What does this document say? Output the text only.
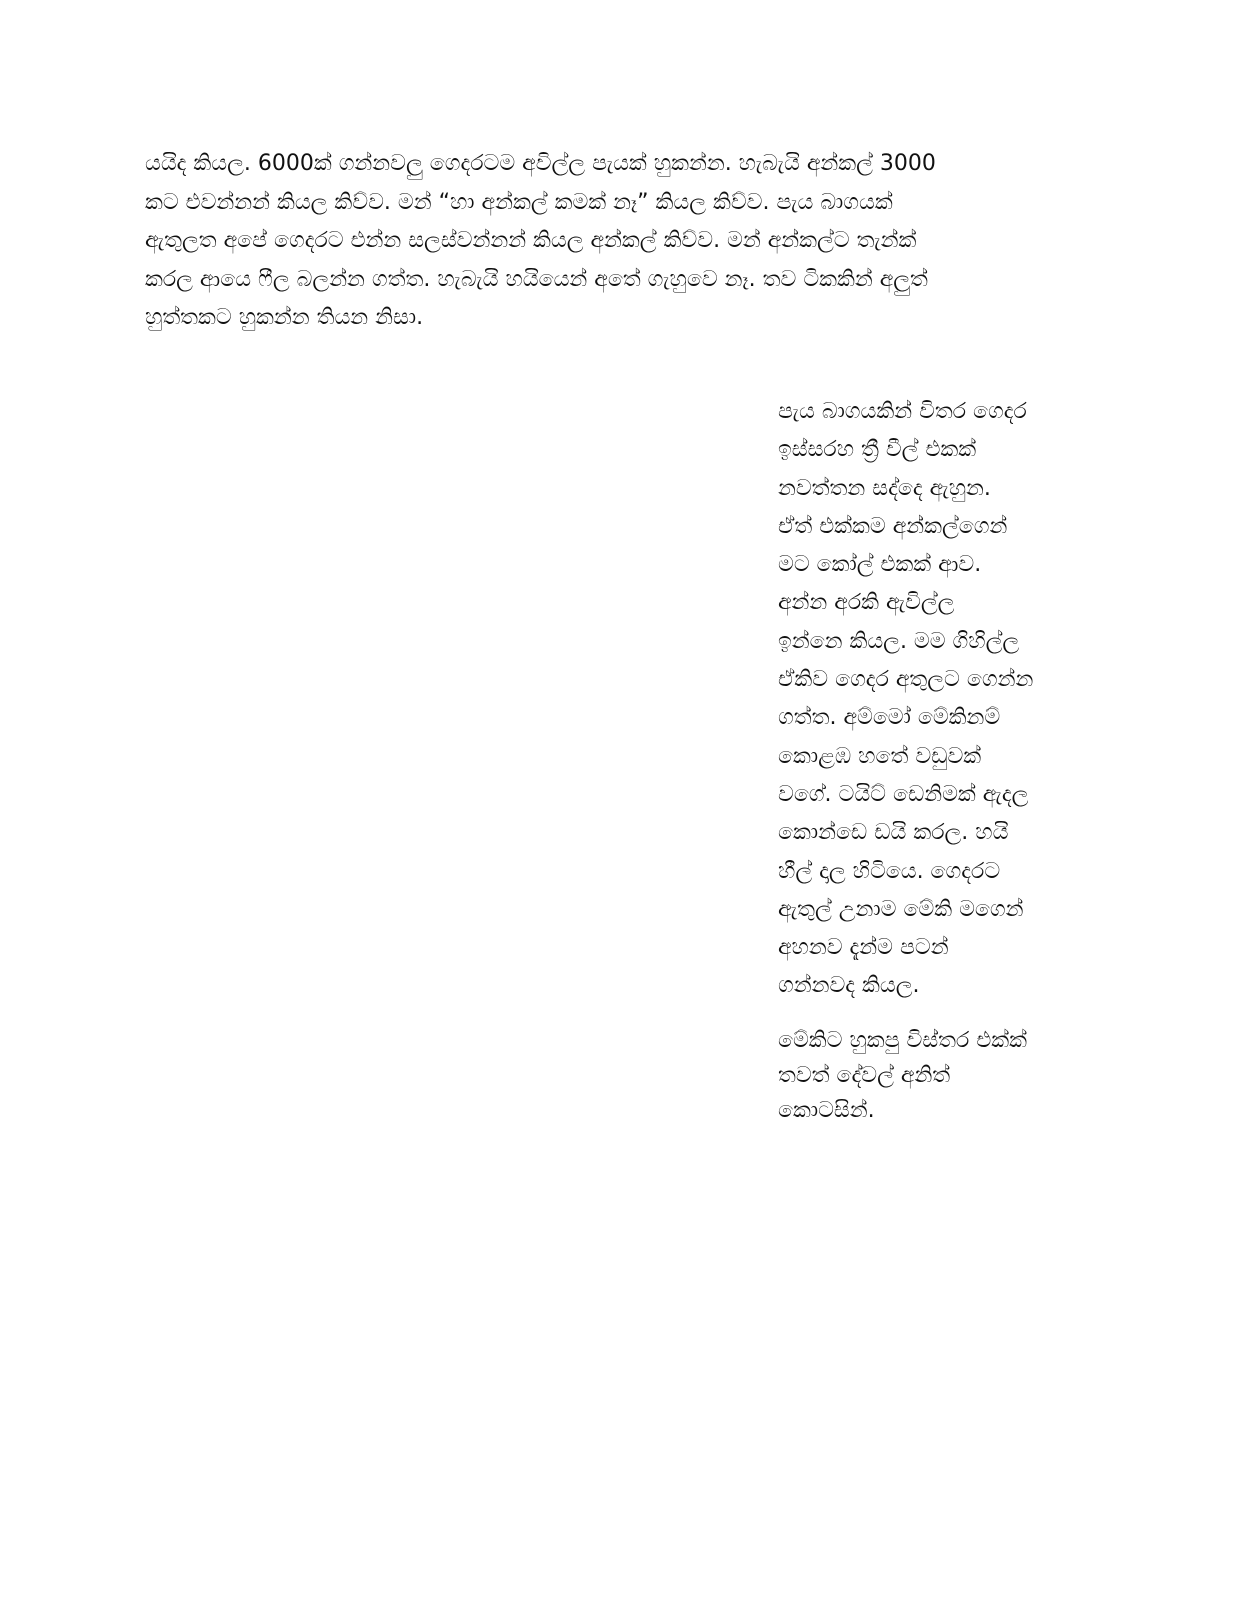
යයිද කියල. 6000ක් ගන්නවලු ගෙදරටම අවිල්ල පැයක් හුකන්න. හැබැයි අන්කල් 3000
කට එවන්නන් කියල කිව්ව. මන් “හා අන්කල් කමක් නෑ” කියල කිව්ව. පැය බාගයක්
ඇතුලත අපේ ගෙදරට එන්න සලස්වන්නන් කියල අන්කල් කිව්ව. මන් අන්කල්ට තැන්ක්
කරල ආයෙ ෆීල බලන්න ගත්ත. හැබැයි හයියෙන් අතේ ගැහුවෙ නෑ. තව ටිකකින් අලුත්
හුත්තකට හුකන්න තියන නිසා.

පැය බාගයකින් විතර ගෙදර
ඉස්සරහ ත්‍රී වීල් එකක්
නවත්තන සද්දෙ ඇහුන.
ඒත් එක්කම අන්කල්ගෙන්
මට කෝල් එකක් ආව.
අන්න අරකි ඇවිල්ල
ඉන්නෙ කියල. මම ගිහිල්ල
ඒකිව ගෙදර අතුලට ගෙන්න
ගත්ත. අම්මෝ මේකිනම්
කොළඹ හතේ වඩුවක්
වගේ. ටයිට් ඩෙනිමක් ඇදල
කොන්ඩෙ ඩයි කරල. හයි
හීල් දාල හිටියෙ. ගෙදරට
ඇතුල් උනාම මේකි මගෙන්
අහනව දැන්ම පටන්
ගන්නවද කියල.

මේකිට හුකපු විස්තර එක්ක්
තවත් දේවල් අනිත්
කොටසින්.
